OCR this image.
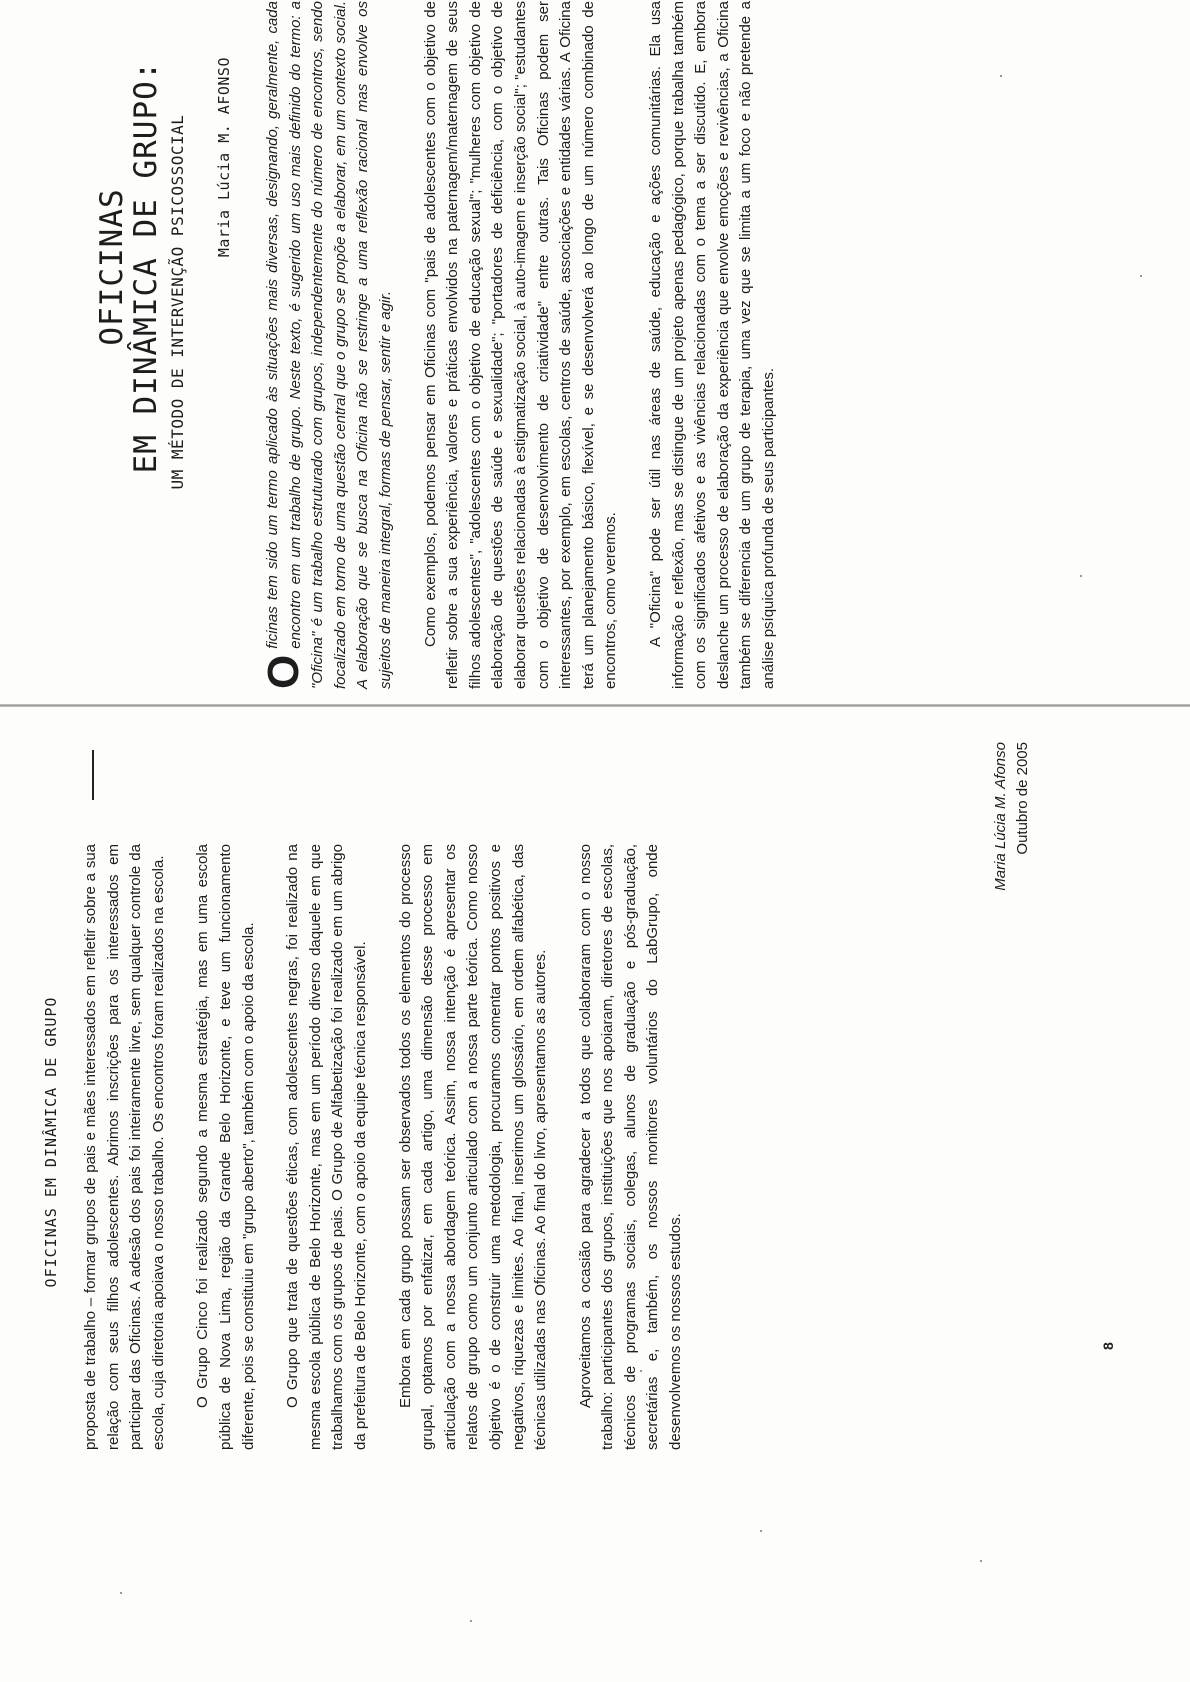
OFICINAS EM DINÂMICA DE GRUPO proposta de trabalho – formar grupos de pais e mães interessados em refletir sobre a sua relação com seus filhos adolescentes. Abrimos inscrições para os interessados em participar das Oficinas. A adesão dos pais foi inteiramente livre, sem qualquer controle da escola, cuja diretoria apoiava o nosso trabalho. Os encontros foram realizados na escola. O Grupo Cinco foi realizado segundo a mesma estratégia, mas em uma escola pública de Nova Lima, região da Grande Belo Horizonte, e teve um funcionamento diferente, pois se constituiu em "grupo aberto", também com o apoio da escola. O Grupo que trata de questões éticas, com adolescentes negras, foi realizado na mesma escola pública de Belo Horizonte, mas em um período diverso daquele em que trabalhamos com os grupos de pais. O Grupo de Alfabetização foi realizado em um abrigo da prefeitura de Belo Horizonte, com o apoio da equipe técnica responsável. Embora em cada grupo possam ser observados todos os elementos do processo grupal, optamos por enfatizar, em cada artigo, uma dimensão desse processo em articulação com a nossa abordagem teórica. Assim, nossa intenção é apresentar os relatos de grupo como um conjunto articulado com a nossa parte teórica. Como nosso objetivo é o de construir uma metodologia, procuramos comentar pontos positivos e negativos, riquezas e limites. Ao final, inserimos um glossário, em ordem alfabética, das técnicas utilizadas nas Oficinas. Ao final do livro, apresentamos as autores. Aproveitamos a ocasião para agradecer a todos que colaboraram com o nosso trabalho: participantes dos grupos, instituições que nos apoiaram, diretores de escolas, técnicos de programas sociais, colegas, alunos de graduação e pós-graduação, secretárias e, também, os nossos monitores voluntários do LabGrupo, onde desenvolvemos os nossos estudos.

Maria Lúcia M. Afonso Outubro de 2005
8
OFICINAS
EM DINÂMICA DE GRUPO: UM MÉTODO DE INTERVENÇÃO PSICOSSOCIAL Maria Lúcia M. AFONSO

O
ficinas tem sido um termo aplicado às situações mais diversas, designando, geralmente, cada encontro em um trabalho de grupo. Neste texto, é sugerido um uso mais definido do termo: a "Oficina" é um trabalho estruturado com grupos, independentemente do número de encontros, sendo focalizado em torno de uma questão central que o grupo se propõe a elaborar, em um contexto social. A elaboração que se busca na Oficina não se restringe a uma reflexão racional mas envolve os sujeitos de maneira integral, formas de pensar, sentir e agir. Como exemplos, podemos pensar em Oficinas com "pais de adolescentes com o objetivo de refletir sobre a sua experiência, valores e práticas envolvidos na paternagem/maternagem de seus filhos adolescentes", "adolescentes com o objetivo de educação sexual"; "mulheres com objetivo de elaboração de questões de saúde e sexualidade"; "portadores de deficiência, com o objetivo de elaborar questões relacionadas à estigmatização social, à auto-imagem e inserção social"; "estudantes com o objetivo de desenvolvimento de criatividade" entre outras. Tais Oficinas podem ser interessantes, por exemplo, em escolas, centros de saúde, associações e entidades várias. A Oficina terá um planejamento básico, flexível, e se desenvolverá ao longo de um número combinado de encontros, como veremos. A "Oficina" pode ser útil nas áreas de saúde, educação e ações comunitárias. Ela usa informação e reflexão, mas se distingue de um projeto apenas pedagógico, porque trabalha também com os significados afetivos e as vivências relacionadas com o tema a ser discutido. E, embora deslanche um processo de elaboração da experiência que envolve emoções e revivências, a Oficina também se diferencia de um grupo de terapia, uma vez que se limita a um foco e não pretende a análise psíquica profunda de seus participantes.
